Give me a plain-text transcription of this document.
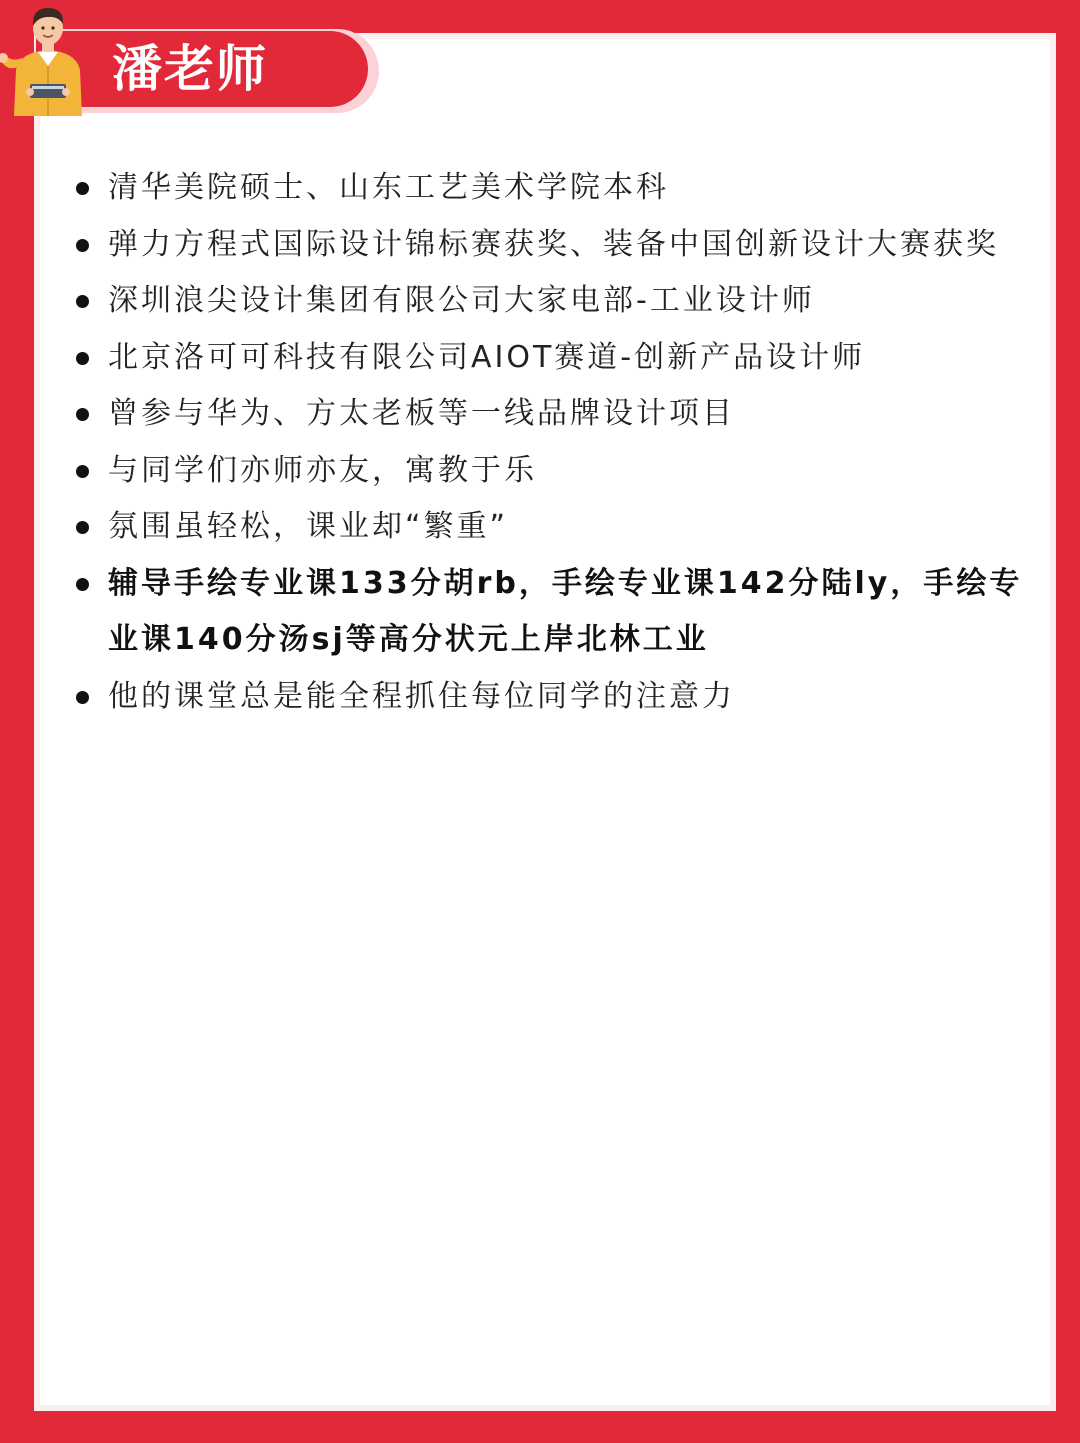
潘老师
清华美院硕士、山东工艺美术学院本科
弹力方程式国际设计锦标赛获奖、装备中国创新设计大赛获奖
深圳浪尖设计集团有限公司大家电部-工业设计师
北京洛可可科技有限公司AIOT赛道-创新产品设计师
曾参与华为、方太老板等一线品牌设计项目
与同学们亦师亦友，寓教于乐
氛围虽轻松，课业却“繁重”
辅导手绘专业课133分胡rb，手绘专业课142分陆ly，手绘专业课140分汤sj等高分状元上岸北林工业
他的课堂总是能全程抓住每位同学的注意力
